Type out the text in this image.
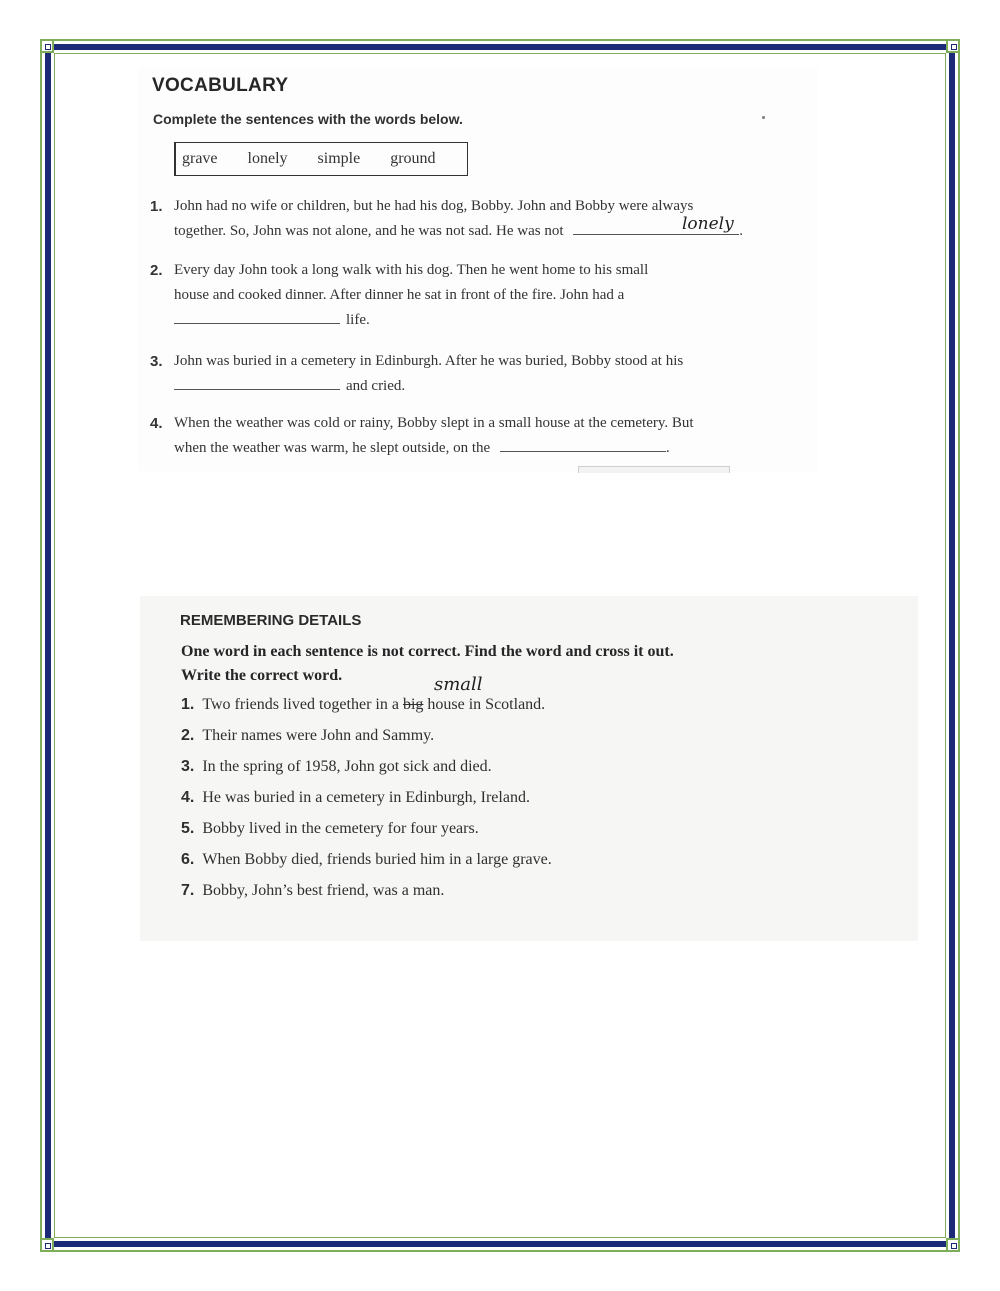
VOCABULARY
Complete the sentences with the words below.
grave lonely simple ground
1. John had no wife or children, but he had his dog, Bobby. John and Bobby were always
together. So, John was not alone, and he was not sad. He was not	.
lonely
2. Every day John took a long walk with his dog. Then he went home to his small
house and cooked dinner. After dinner he sat in front of the fire. John had a
life.
3. John was buried in a cemetery in Edinburgh. After he was buried, Bobby stood at his
and cried.
4. When the weather was cold or rainy, Bobby slept in a small house at the cemetery. But
when the weather was warm, he slept outside, on the	.
REMEMBERING DETAILS
One word in each sentence is not correct. Find the word and cross it out.
Write the correct word.	small
1. Two friends lived together in a big house in Scotland.
2. Their names were John and Sammy.
3. In the spring of 1958, John got sick and died.
4. He was buried in a cemetery in Edinburgh, Ireland.
5. Bobby lived in the cemetery for four years.
6. When Bobby died, friends buried him in a large grave.
7. Bobby, John’s best friend, was a man.
